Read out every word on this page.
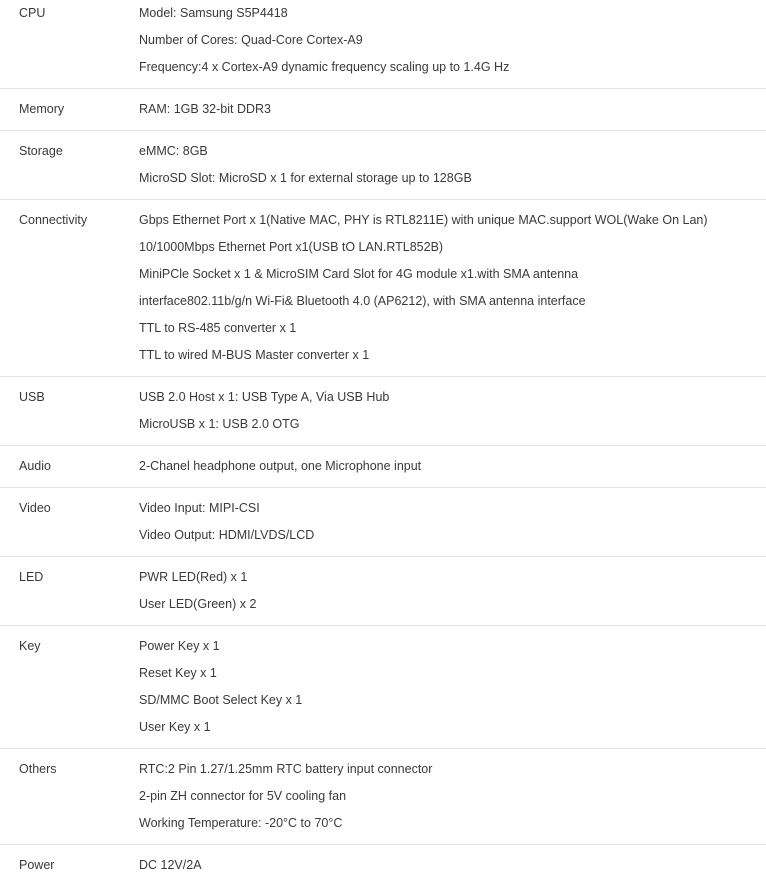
CPU	Model: Samsung S5P4418
Number of Cores: Quad-Core Cortex-A9
Frequency:4 x Cortex-A9 dynamic frequency scaling up to 1.4G Hz
Memory	RAM: 1GB 32-bit DDR3
Storage	eMMC: 8GB
MicroSD Slot: MicroSD x 1 for external storage up to 128GB
Connectivity	Gbps Ethernet Port x 1(Native MAC, PHY is RTL8211E) with unique MAC.support WOL(Wake On Lan)
10/1000Mbps Ethernet Port x1(USB tO LAN.RTL852B)
MiniPCle Socket x 1 & MicroSIM Card Slot for 4G module x1.with SMA antenna
interface802.11b/g/n Wi-Fi& Bluetooth 4.0 (AP6212), with SMA antenna interface
TTL to RS-485 converter x 1
TTL to wired M-BUS Master converter x 1
USB	USB 2.0 Host x 1: USB Type A, Via USB Hub
MicroUSB x 1: USB 2.0 OTG
Audio	2-Chanel headphone output, one Microphone input
Video	Video Input: MIPI-CSI
Video Output: HDMI/LVDS/LCD
LED	PWR LED(Red) x 1
User LED(Green) x 2
Key	Power Key x 1
Reset Key x 1
SD/MMC Boot Select Key x 1
User Key x 1
Others	RTC:2 Pin 1.27/1.25mm RTC battery input connector
2-pin ZH connector for 5V cooling fan
Working Temperature: -20°C to 70°C
Power	DC 12V/2A
